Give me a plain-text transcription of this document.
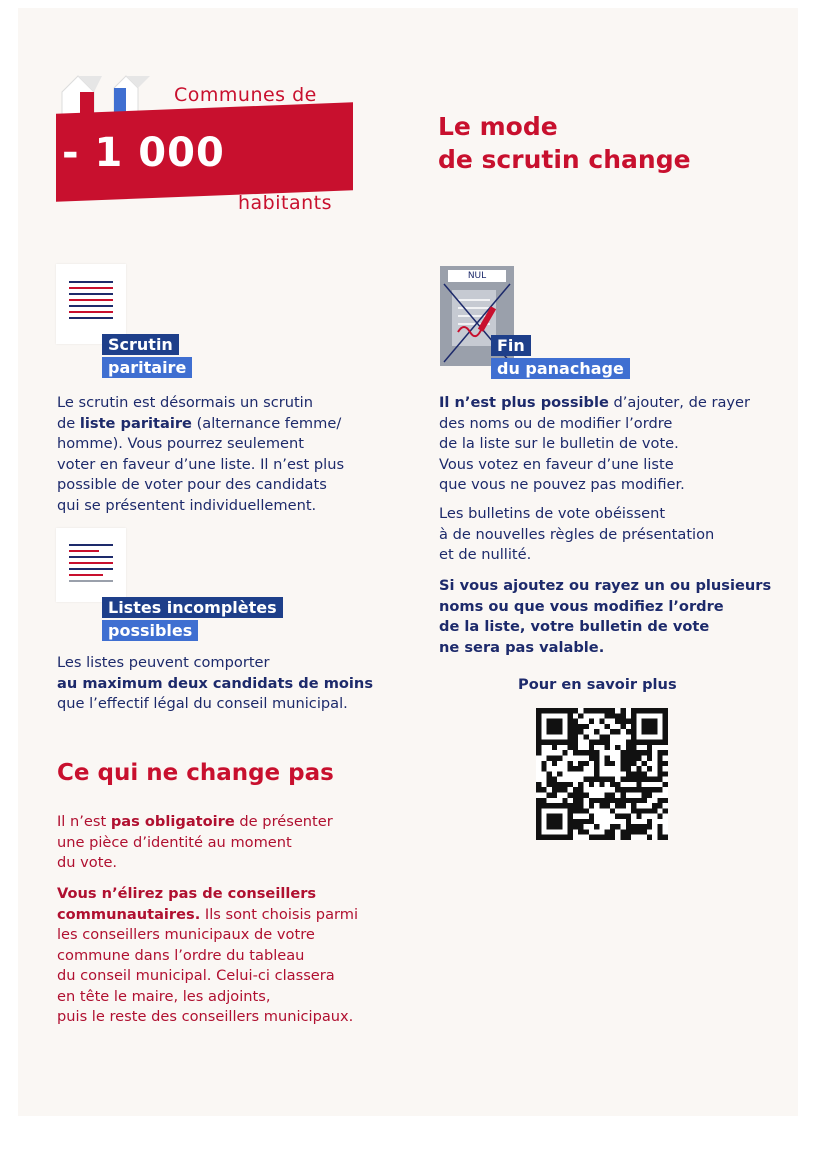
Communes de
- 1 000
habitants
Le mode
de scrutin change
Scrutin
paritaire

Le scrutin est désormais un scrutin

de liste paritaire (alternance femme/

homme). Vous pourrez seulement

voter en faveur d’une liste. Il n’est plus

possible de voter pour des candidats

qui se présentent individuellement.

Listes incomplètes
possibles

Les listes peuvent comporter

au maximum deux candidats de moins

que l’effectif légal du conseil municipal.

Ce qui ne change pas

Il n’est pas obligatoire de présenter

une pièce d’identité au moment

du vote.

Vous n’élirez pas de conseillers

communautaires. Ils sont choisis parmi

les conseillers municipaux de votre

commune dans l’ordre du tableau

du conseil municipal. Celui-ci classera

en tête le maire, les adjoints,

puis le reste des conseillers municipaux.

NUL
Fin
du panachage

Il n’est plus possible d’ajouter, de rayer

des noms ou de modifier l’ordre

de la liste sur le bulletin de vote.

Vous votez en faveur d’une liste

que vous ne pouvez pas modifier.

Les bulletins de vote obéissent

à de nouvelles règles de présentation

et de nullité.

Si vous ajoutez ou rayez un ou plusieurs

noms ou que vous modifiez l’ordre

de la liste, votre bulletin de vote

ne sera pas valable.

Pour en savoir plus
